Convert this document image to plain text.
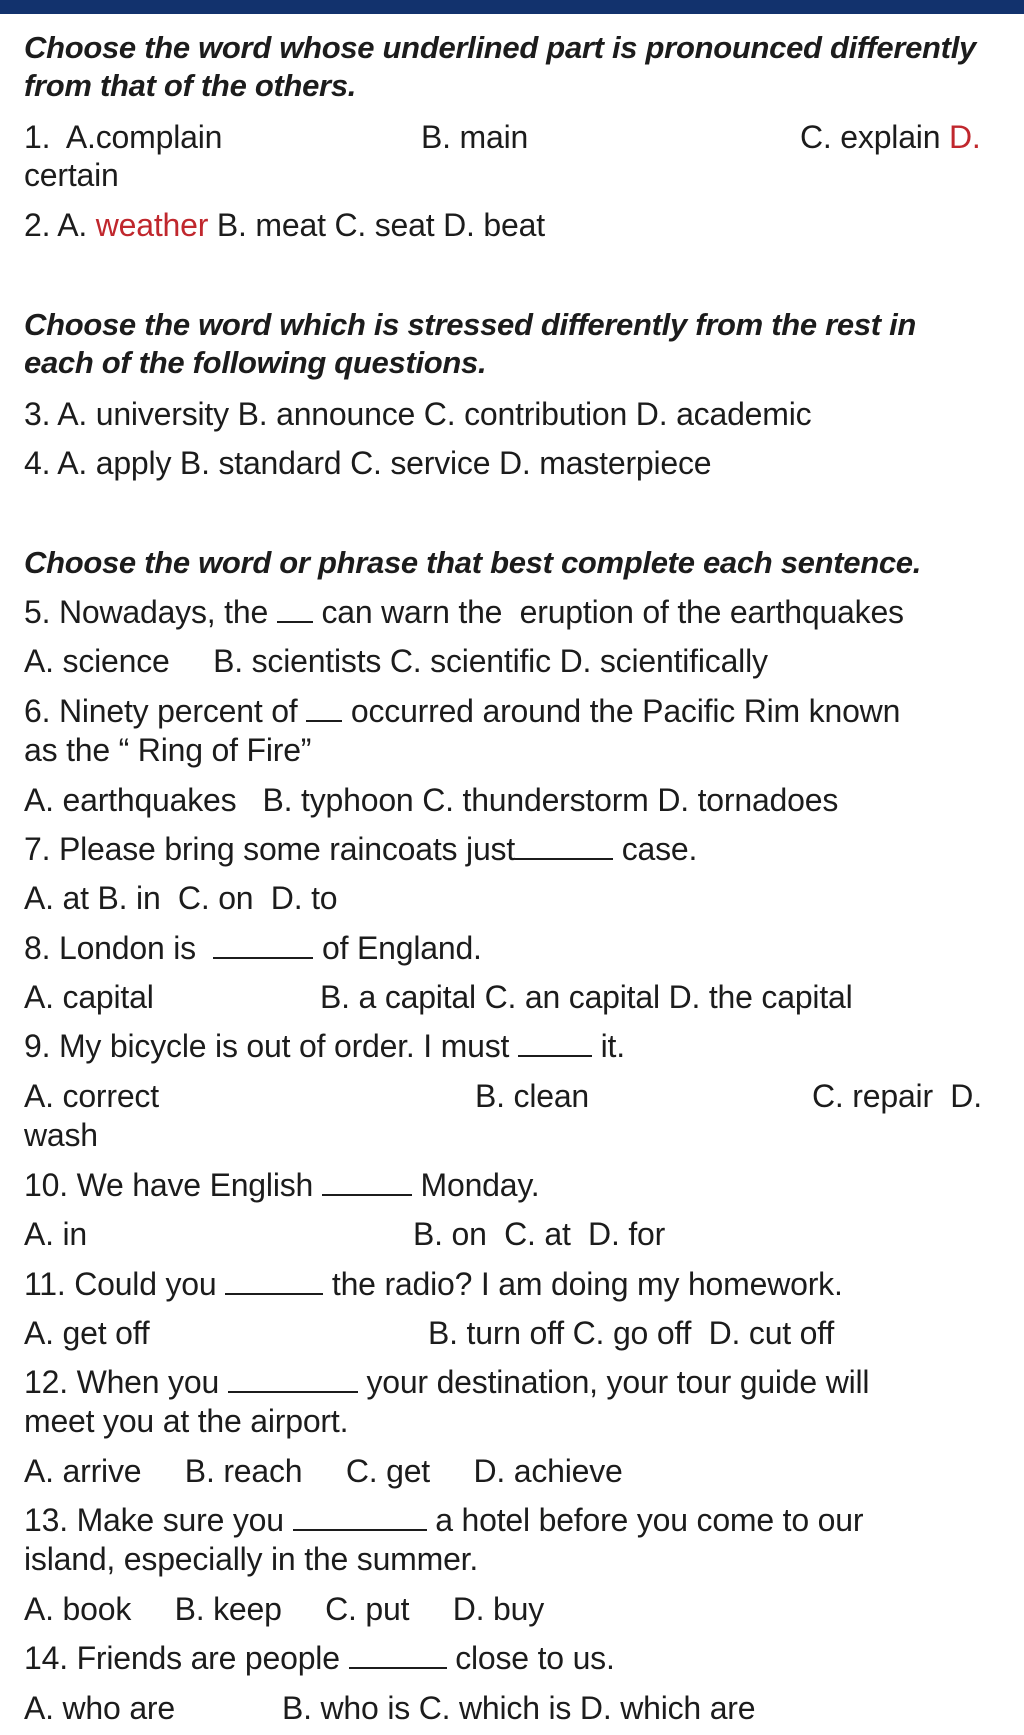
Choose the word whose underlined part is pronounced differently
from that of the others.
1.  A.complain	B. main	C. explain D.
certain
2. A. weather B. meat C. seat D. beat
Choose the word which is stressed differently from the rest in
each of the following questions.
3. A. university B. announce C. contribution D. academic
4. A. apply B. standard C. service D. masterpiece
Choose the word or phrase that best complete each sentence.
5. Nowadays, the  can warn the  eruption of the earthquakes
A. science     B. scientists C. scientific D. scientifically
6. Ninety percent of  occurred around the Pacific Rim known
as the “ Ring of Fire”
A. earthquakes   B. typhoon C. thunderstorm D. tornadoes
7. Please bring some raincoats just	case.
A. at B. in  C. on  D. to
8. London is	of England.
A. capital	B. a capital C. an capital D. the capital
9. My bicycle is out of order. I must  it.
A. correct	B. clean	C. repair  D.
wash
10. We have English	Monday.
A. in	B. on  C. at  D. for
11. Could you	the radio? I am doing my homework.
A. get off	B. turn off C. go off  D. cut off
12. When you	your destination, your tour guide will
meet you at the airport.
A. arrive     B. reach     C. get     D. achieve
13. Make sure you	a hotel before you come to our
island, especially in the summer.
A. book     B. keep     C. put     D. buy
14. Friends are people	close to us.
A. who are	B. who is C. which is D. which are
